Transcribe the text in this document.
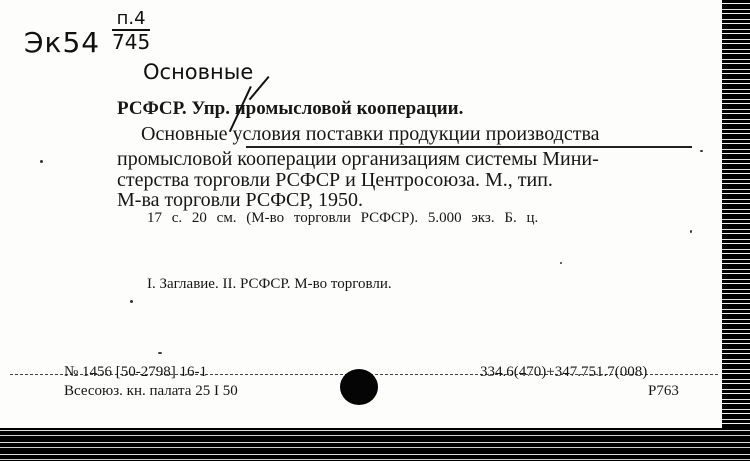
Эк54
п.4
745
Основные
РСФСР. Упр. промысловой кооперации.
Основные условия поставки продукции производства
промысловой кооперации организациям системы Мини-
стерства торговли РСФСР и Центросоюза. М., тип.
М-ва торговли РСФСР, 1950.
17 с. 20 см. (М-во торговли РСФСР). 5.000 экз. Б. ц.
I. Заглавие. II. РСФСР. М-во торговли.
№ 1456 [50-2798] 16-1
Всесоюз. кн. палата 25 I 50
334.6(470)+347.751.7(008)
Р763
